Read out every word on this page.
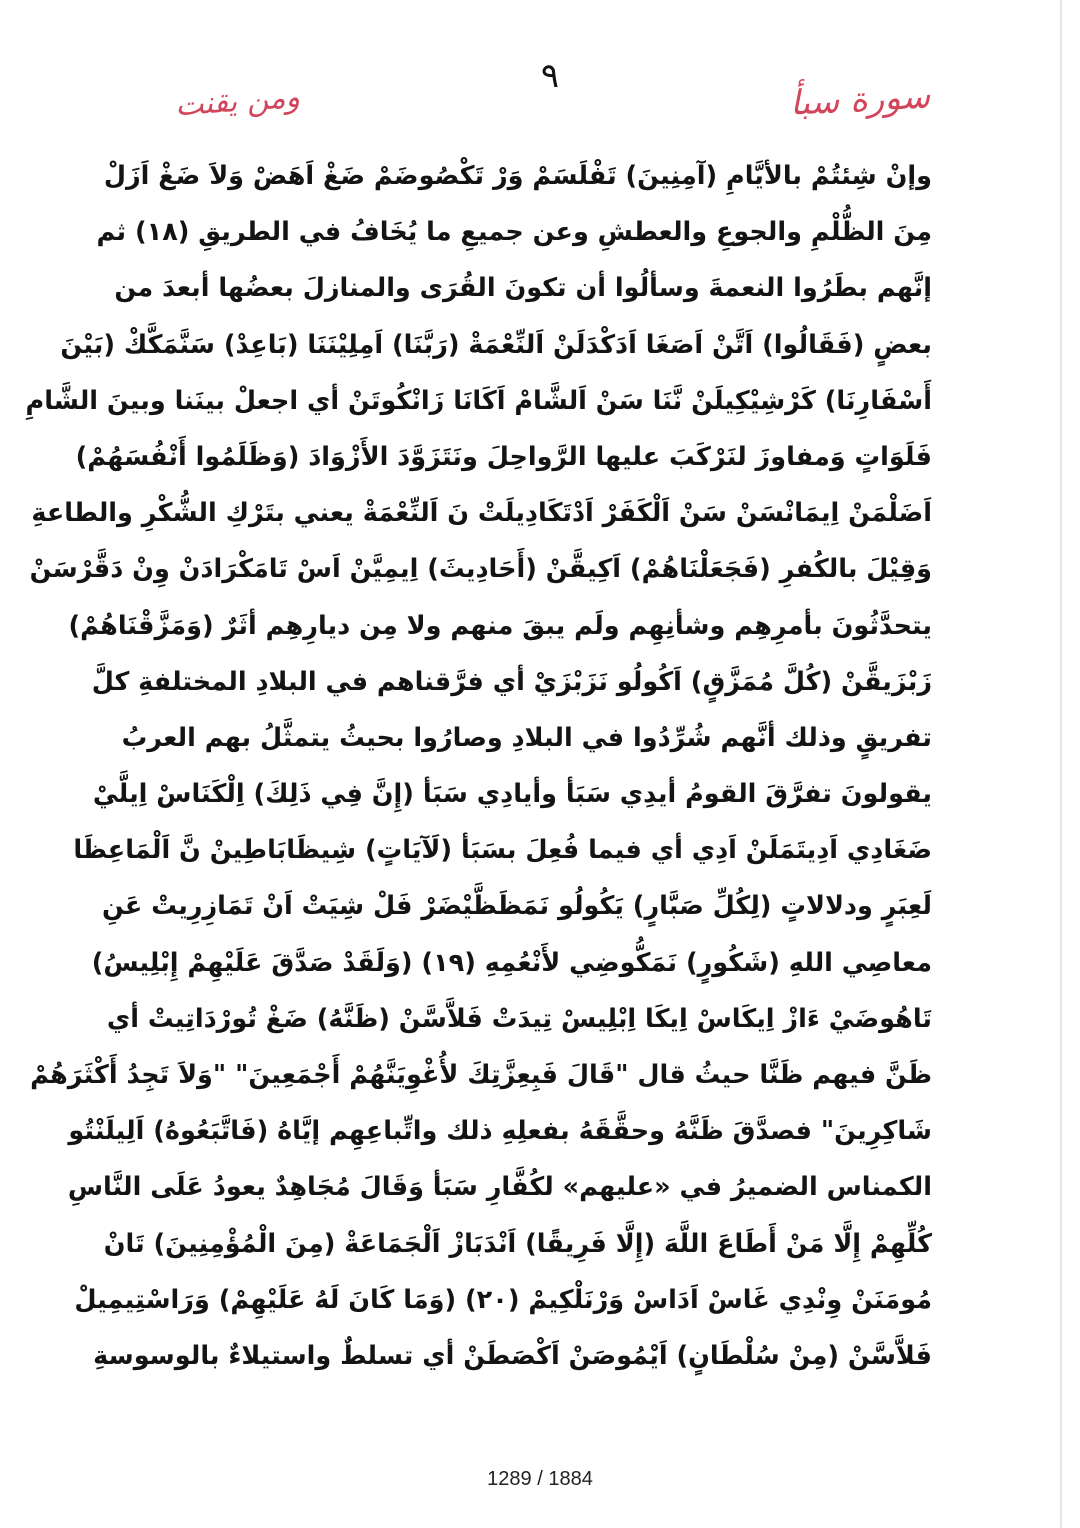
٩
سورة سبأ
ومن يقنت
وإنْ شِئتُمْ بالأيَّامِ (آمِنِينَ) تَفْلَسَمْ وَرْ تَكْصُوضَمْ ضَغْ اَهَضْ وَلاَ ضَغْ اَزَلْ
مِنَ الظُّلْمِ والجوعِ والعطشِ وعن جميعِ ما يُخَافُ في الطريقِ (١٨) ثم
إنَّهم بطَرُوا النعمةَ وسألُوا أن تكونَ القُرَى والمنازلَ بعضُها أبعدَ من
بعضٍ (فَقَالُوا) اَتَّنْ اَصَغَا اَدَكْدَلَنْ اَلنِّعْمَةْ (رَبَّنَا) اَمِلِيْنَنَا (بَاعِدْ) سَنَّمَكَّكْ (بَيْنَ
أَسْفَارِنَا) كَرْشِيْكِيلَنْ نَّنَا سَنْ اَلشَّامْ اَكَانَا زَانْكُوتَنْ أي اجعلْ بينَنا وبينَ الشَّامِ
فَلَوَاتٍ وَمفاوزَ لنَرْكَبَ عليها الرَّواحِلَ ونَتَزَوَّدَ الأَزْوَادَ (وَظَلَمُوا أَنْفُسَهُمْ)
اَضَلْمَنْ اِيمَانْسَنْ سَنْ اَلْكَفَرْ اَدْتَكَادِيلَتْ نَ اَلنِّعْمَةْ يعني بتَرْكِ الشُّكْرِ والطاعةِ
وَقِيْلَ بالكُفرِ (فَجَعَلْنَاهُمْ) اَكِيقَّنْ (أَحَادِيثَ) اِيمِيَّنْ اَسْ تَامَكْرَادَنْ وِنْ دَقَّرْسَنْ
يتحدَّثُونَ بأمرِهِم وشأنِهِم ولَم يبقَ منهم ولا مِن ديارِهِم أثَرٌ (وَمَزَّقْنَاهُمْ)
زَبْزَيقَّنْ (كُلَّ مُمَزَّقٍ) اَكُولُو نَزَبْزَيْ أي فرَّقناهم في البلادِ المختلفةِ كلَّ
تفريقٍ وذلك أنَّهم شُرِّدُوا في البلادِ وصارُوا بحيثُ يتمثَّلُ بهم العربُ
يقولونَ تفرَّقَ القومُ أيدِي سَبَأ وأيادِي سَبَأ (إِنَّ فِي ذَلِكَ) اِلْكَنَاسْ اِيلَّيْ
ضَغَادِي اَدِيتَمَلَنْ اَدِي أي فيما فُعِلَ بسَبَأ (لَآيَاتٍ) شِيظَابَاطِينْ نَّ اَلْمَاعِظَا
لَعِبَرٍ ودلالاتٍ (لِكُلِّ صَبَّارٍ) يَكُولُو نَمَظَظَّيْضَرْ فَلْ شِيَتْ اَنْ تَمَازِرِيتْ عَنِ
معاصِي اللهِ (شَكُورٍ) نَمَكُّوضِي لأَنْعُمِهِ (١٩) (وَلَقَدْ صَدَّقَ عَلَيْهِمْ إِبْلِيسُ)
تَاهُوضَيْ ءَازْ اِيكَاسْ اِيكَا اِبْلِيسْ تِيدَتْ فَلاَّسَّنْ (ظَنَّهُ) ضَغْ تُورْدَاتِيتْ أي
ظَنَّ فيهم ظَنَّا حيثُ قال "قَالَ فَبِعِزَّتِكَ لأُغْوِيَنَّهُمْ أَجْمَعِينَ" "وَلاَ تَجِدُ أَكْثَرَهُمْ
شَاكِرِينَ" فصدَّقَ ظَنَّهُ وحقَّقَهُ بفعلِهِ ذلك واتِّباعِهِم إيَّاهُ (فَاتَّبَعُوهُ) اَلِيلَنْتُو
الكمناس الضميرُ في «عليهم» لكُفَّارِ سَبَأ وَقَالَ مُجَاهِدٌ يعودُ عَلَى النَّاسِ
كُلِّهِمْ إِلَّا مَنْ أَطَاعَ اللَّهَ (إِلَّا فَرِيقًا) اَنْدَبَازْ اَلْجَمَاعَةْ (مِنَ الْمُؤْمِنِينَ) تَانْ
مُومَنَنْ وِنْدِي غَاسْ اَدَاسْ وَرْنَلْكِيمْ (٢٠) (وَمَا كَانَ لَهُ عَلَيْهِمْ) وَرَاسْتِيمِيلْ
فَلاَّسَّنْ (مِنْ سُلْطَانٍ) اَيْمُوصَنْ اَكْصَطَنْ أي تسلطٌ واستيلاءٌ بالوسوسةِ
1289 / 1884
